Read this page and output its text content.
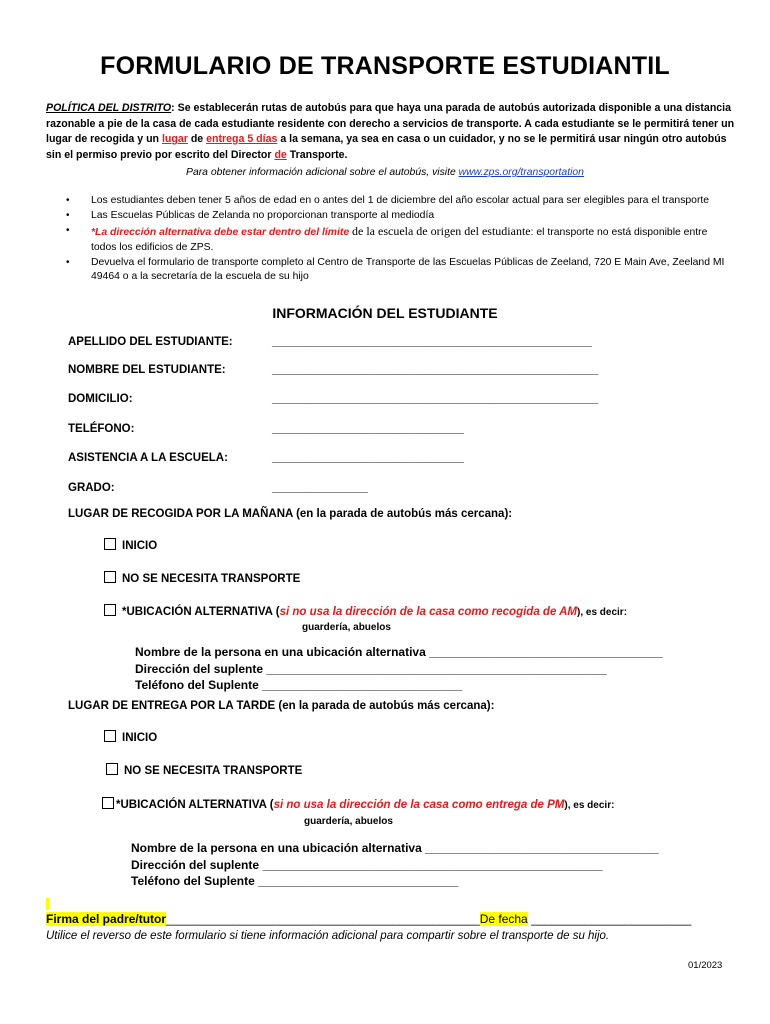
FORMULARIO DE TRANSPORTE ESTUDIANTIL
POLÍTICA DEL DISTRITO: Se establecerán rutas de autobús para que haya una parada de autobús autorizada disponible a una distancia razonable a pie de la casa de cada estudiante residente con derecho a servicios de transporte. A cada estudiante se le permitirá tener un lugar de recogida y un lugar de entrega 5 días a la semana, ya sea en casa o un cuidador, y no se le permitirá usar ningún otro autobús sin el permiso previo por escrito del Director de Transporte.
Para obtener información adicional sobre el autobús, visite www.zps.org/transportation
• Los estudiantes deben tener 5 años de edad en o antes del 1 de diciembre del año escolar actual para ser elegibles para el transporte
• Las Escuelas Públicas de Zelanda no proporcionan transporte al mediodía
• *La dirección alternativa debe estar dentro del límite de la escuela de origen del estudiante: el transporte no está disponible entre todos los edificios de ZPS.
• Devuelva el formulario de transporte completo al Centro de Transporte de las Escuelas Públicas de Zeeland, 720 E Main Ave, Zeeland MI 49464 o a la secretaría de la escuela de su hijo
INFORMACIÓN DEL ESTUDIANTE
APELLIDO DEL ESTUDIANTE:	__________________________________________________
NOMBRE DEL ESTUDIANTE:	___________________________________________________
DOMICILIO:	___________________________________________________
TELÉFONO:	______________________________
ASISTENCIA A LA ESCUELA:	______________________________
GRADO:	_______________
LUGAR DE RECOGIDA POR LA MAÑANA (en la parada de autobús más cercana):
INICIO
NO SE NECESITA TRANSPORTE
*UBICACIÓN ALTERNATIVA (si no usa la dirección de la casa como recogida de AM), es decir:
guardería, abuelos
Nombre de la persona en una ubicación alternativa ___________________________________
Dirección del suplente ___________________________________________________
Teléfono del Suplente ______________________________
LUGAR DE ENTREGA POR LA TARDE (en la parada de autobús más cercana):
INICIO
NO SE NECESITA TRANSPORTE
*UBICACIÓN ALTERNATIVA (si no usa la dirección de la casa como entrega de PM), es decir:
guardería, abuelos
Nombre de la persona en una ubicación alternativa ___________________________________
Dirección del suplente ___________________________________________________
Teléfono del Suplente ______________________________
Firma del padre/tutor_______________________________________________De fecha ________________________
Utilice el reverso de este formulario si tiene información adicional para compartir sobre el transporte de su hijo.
01/2023
